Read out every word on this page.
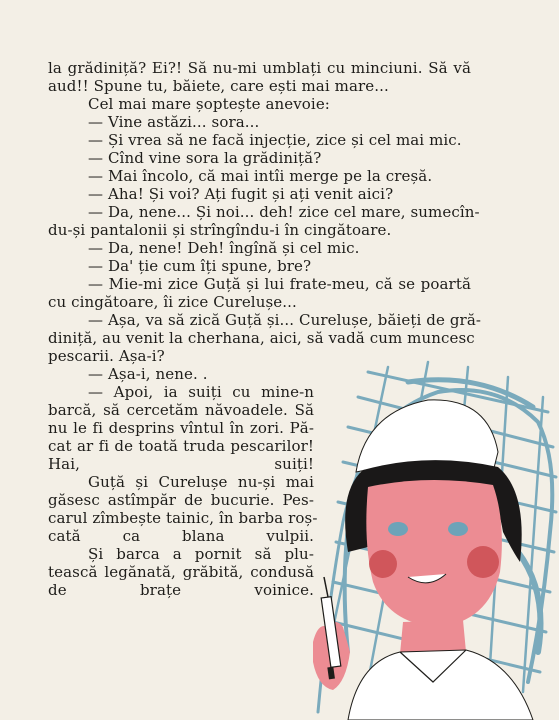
la grădiniță? Ei?! Să nu-mi umblați cu minciuni. Să vă
aud!! Spune tu, băiete, care ești mai mare...
Cel mai mare șoptește anevoie:
— Vine astăzi... sora...
— Și vrea să ne facă injecție, zice și cel mai mic.
— Cînd vine sora la grădiniță?
— Mai încolo, că mai intîi merge pe la creșă.
— Aha! Și voi? Ați fugit și ați venit aici?
— Da, nene... Și noi... deh! zice cel mare, sumecîn-
du-și pantalonii și strîngîndu-i în cingătoare.
— Da, nene! Deh! îngînă și cel mic.
— Da' ție cum îți spune, bre?
— Mie-mi zice Guță și lui frate-meu, că se poartă
cu cingătoare, îi zice Curelușe...
— Așa, va să zică Guță și... Curelușe, băieți de gră-
diniță, au venit la cherhana, aici, să vadă cum muncesc
pescarii. Așa-i?
— Așa-i, nene. .
— Apoi, ia suiți cu mine-n
barcă, să cercetăm năvoadele. Să
nu le fi desprins vîntul în zori. Pă-
cat ar fi de toată truda pescarilor!
Hai, suiți!
Guță și Curelușe nu-și mai
găsesc astîmpăr de bucurie. Pes-
carul zîmbește tainic, în barba roș-
cată ca blana vulpii.
Și barca a pornit să plu-
tească legănată, grăbită, condusă
de brațe voinice.
